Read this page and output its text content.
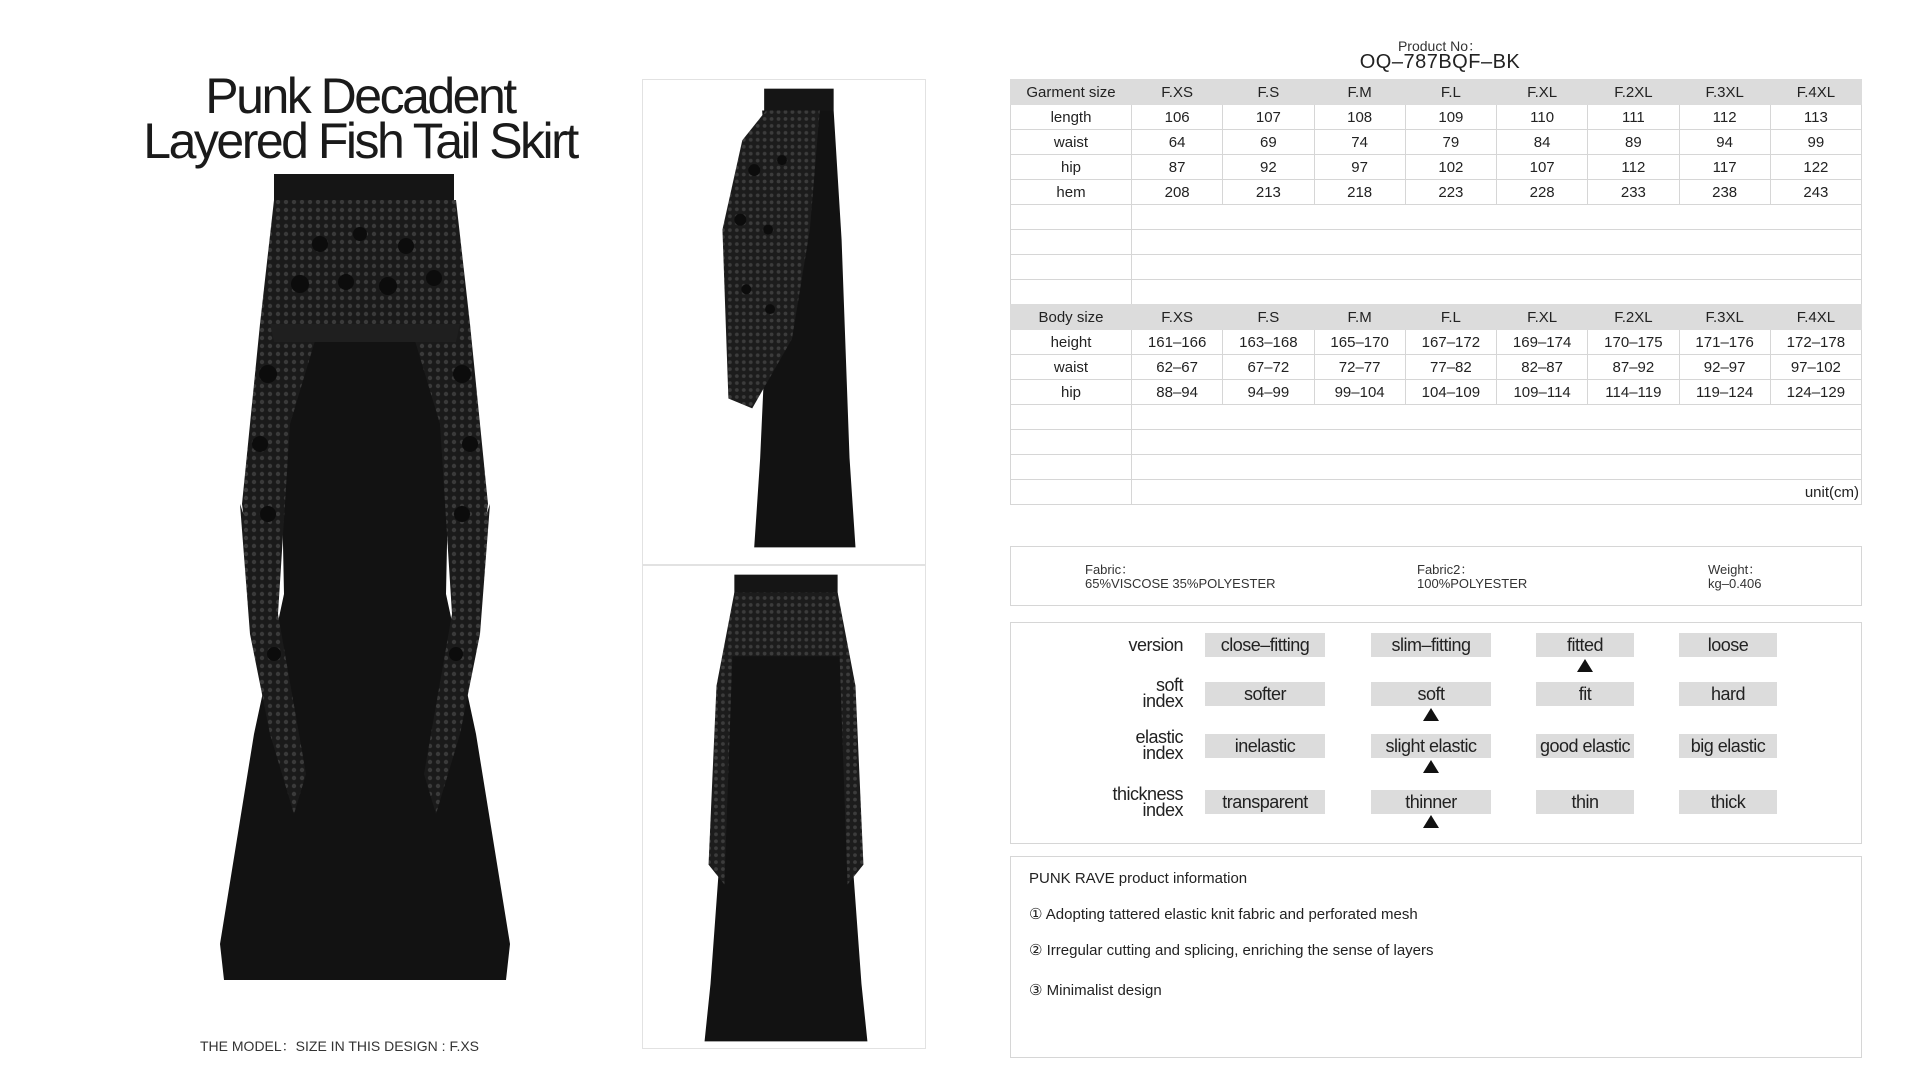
Punk Decadent
Layered Fish Tail Skirt
THE MODEL：SIZE IN THIS DESIGN : F.XS
Product No：
OQ–787BQF–BK
Garment size	F.XS	F.S	F.M	F.L	F.XL	F.2XL	F.3XL	F.4XL
length	106	107	108	109	110	111	112	113
waist	64	69	74	79	84	89	94	99
hip	87	92	97	102	107	112	117	122
hem	208	213	218	223	228	233	238	243

Body size	F.XS	F.S	F.M	F.L	F.XL	F.2XL	F.3XL	F.4XL
height	161–166	163–168	165–170	167–172	169–174	170–175	171–176	172–178
waist	62–67	67–72	72–77	77–82	82–87	87–92	92–97	97–102
hip	88–94	94–99	99–104	104–109	109–114	114–119	119–124	124–129

	unit(cm)							
Fabric：
65%VISCOSE 35%POLYESTER
Fabric2：
100%POLYESTER
Weight：
kg–0.406
version	close–fitting	slim–fitting	fitted	loose
soft
index	softer	soft	fit	hard
elastic
index	inelastic	slight elastic	good elastic	big elastic
thickness
index	transparent	thinner	thin	thick
PUNK RAVE product information
① Adopting tattered elastic knit fabric and perforated mesh
② Irregular cutting and splicing, enriching the sense of layers
③ Minimalist design
